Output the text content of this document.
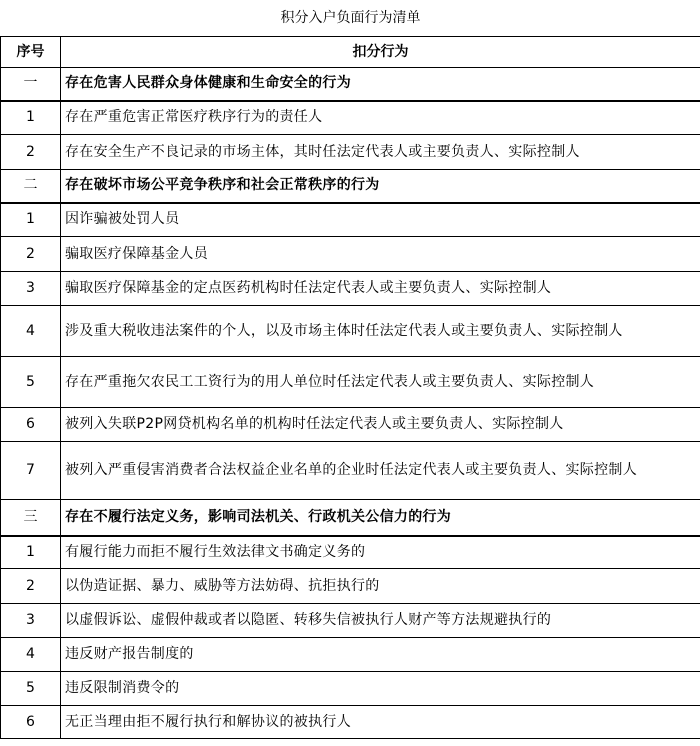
积分入户负面行为清单	
序号	扣分行为
一	存在危害人民群众身体健康和生命安全的行为
1	存在严重危害正常医疗秩序行为的责任人
2	存在安全生产不良记录的市场主体，其时任法定代表人或主要负责人、实际控制人
二	存在破坏市场公平竞争秩序和社会正常秩序的行为
1	因诈骗被处罚人员
2	骗取医疗保障基金人员
3	骗取医疗保障基金的定点医药机构时任法定代表人或主要负责人、实际控制人
4	涉及重大税收违法案件的个人，以及市场主体时任法定代表人或主要负责人、实际控制人
5	存在严重拖欠农民工工资行为的用人单位时任法定代表人或主要负责人、实际控制人
6	被列入失联P2P网贷机构名单的机构时任法定代表人或主要负责人、实际控制人
7	被列入严重侵害消费者合法权益企业名单的企业时任法定代表人或主要负责人、实际控制人
三	存在不履行法定义务，影响司法机关、行政机关公信力的行为
1	有履行能力而拒不履行生效法律文书确定义务的
2	以伪造证据、暴力、威胁等方法妨碍、抗拒执行的
3	以虚假诉讼、虚假仲裁或者以隐匿、转移失信被执行人财产等方法规避执行的
4	违反财产报告制度的
5	违反限制消费令的
6	无正当理由拒不履行执行和解协议的被执行人
